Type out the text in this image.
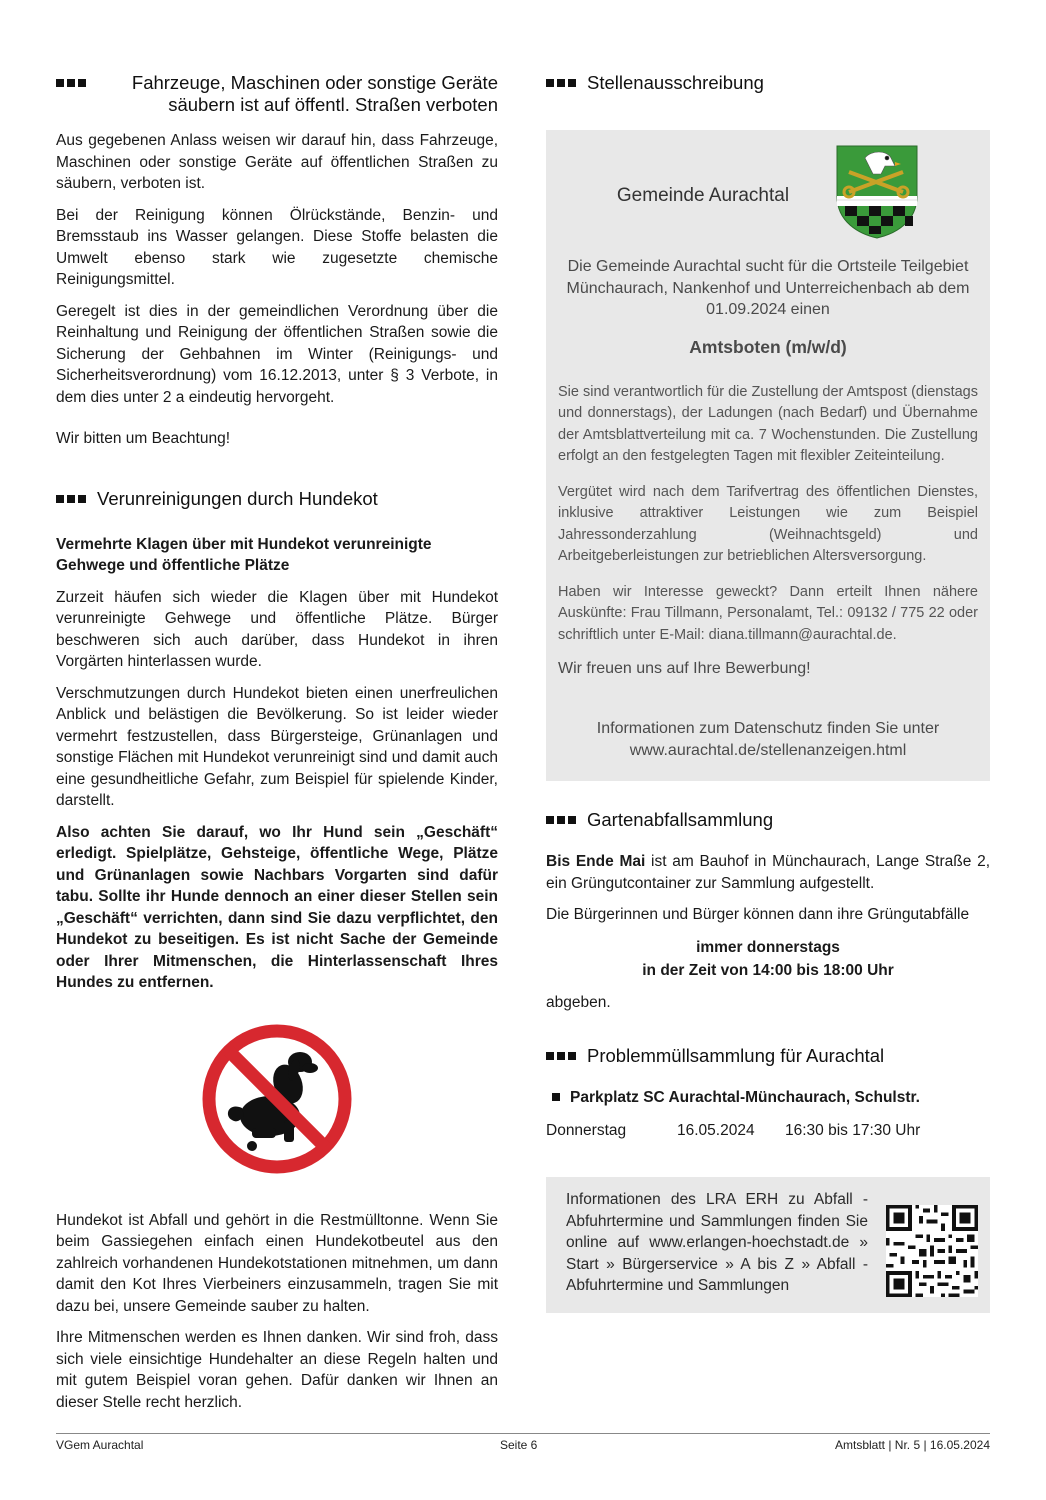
Fahrzeuge, Maschinen oder sonstige Geräte säubern ist auf öffentl. Straßen verboten

Aus gegebenen Anlass weisen wir darauf hin, dass Fahrzeuge, Maschinen oder sonstige Geräte auf öffentlichen Straßen zu säubern, verboten ist.

Bei der Reinigung können Ölrückstände, Benzin- und Bremsstaub ins Wasser gelangen. Diese Stoffe belasten die Umwelt ebenso stark wie zugesetzte chemische Reinigungsmittel.

Geregelt ist dies in der gemeindlichen Verordnung über die Reinhaltung und Reinigung der öffentlichen Straßen sowie die Sicherung der Gehbahnen im Winter (Reinigungs- und Sicherheitsverordnung) vom 16.12.2013, unter § 3 Verbote, in dem dies unter 2 a eindeutig hervorgeht.

Wir bitten um Beachtung!

Verunreinigungen durch Hundekot
Vermehrte Klagen über mit Hundekot verunreinigte Gehwege und öffentliche Plätze

Zurzeit häufen sich wieder die Klagen über mit Hundekot verunreinigte Gehwege und öffentliche Plätze. Bürger beschweren sich auch darüber, dass Hundekot in ihren Vorgärten hinterlassen wurde.

Verschmutzungen durch Hundekot bieten einen unerfreulichen Anblick und belästigen die Bevölkerung. So ist leider wieder vermehrt festzustellen, dass Bürgersteige, Grünanlagen und sonstige Flächen mit Hundekot verunreinigt sind und damit auch eine gesundheitliche Gefahr, zum Beispiel für spielende Kinder, darstellt.

Also achten Sie darauf, wo Ihr Hund sein „Geschäft“ erledigt. Spielplätze, Gehsteige, öffentliche Wege, Plätze und Grünanlagen sowie Nachbars Vorgarten sind dafür tabu. Sollte ihr Hunde dennoch an einer dieser Stellen sein „Geschäft“ verrichten, dann sind Sie dazu verpflichtet, den Hundekot zu beseitigen. Es ist nicht Sache der Gemeinde oder Ihrer Mitmenschen, die Hinterlassenschaft Ihres Hundes zu entfernen.

Hundekot ist Abfall und gehört in die Restmülltonne. Wenn Sie beim Gassiegehen einfach einen Hundekotbeutel aus den zahlreich vorhandenen Hundekotstationen mitnehmen, um dann damit den Kot Ihres Vierbeiners einzusammeln, tragen Sie mit dazu bei, unsere Gemeinde sauber zu halten.

Ihre Mitmenschen werden es Ihnen danken. Wir sind froh, dass sich viele einsichtige Hundehalter an diese Regeln halten und mit gutem Beispiel voran gehen. Dafür danken wir Ihnen an dieser Stelle recht herzlich.

Stellenausschreibung
Gemeinde Aurachtal
Die Gemeinde Aurachtal sucht für die Ortsteile Teilgebiet Münchaurach, Nankenhof und Unterreichenbach ab dem 01.09.2024 einen
Amtsboten (m/w/d)

Sie sind verantwortlich für die Zustellung der Amtspost (dienstags und donnerstags), der Ladungen (nach Bedarf) und Übernahme der Amtsblattverteilung mit ca. 7 Wochenstunden. Die Zustellung erfolgt an den festgelegten Tagen mit flexibler Zeiteinteilung.

Vergütet wird nach dem Tarifvertrag des öffentlichen Dienstes, inklusive attraktiver Leistungen wie zum Beispiel Jahressonderzahlung (Weihnachtsgeld) und Arbeitgeberleistungen zur betrieblichen Altersversorgung.

Haben wir Interesse geweckt? Dann erteilt Ihnen nähere Auskünfte: Frau Tillmann, Personalamt, Tel.: 09132 / 775 22 oder schriftlich unter E-Mail: diana.tillmann@aurachtal.de.

Wir freuen uns auf Ihre Bewerbung!
Informationen zum Datenschutz finden Sie unter www.aurachtal.de/stellenanzeigen.html
Gartenabfallsammlung

Bis Ende Mai ist am Bauhof in Münchaurach, Lange Straße 2, ein Grüngutcontainer zur Sammlung aufgestellt.

Die Bürgerinnen und Bürger können dann ihre Grüngutabfälle

immer donnerstags
in der Zeit von 14:00 bis 18:00 Uhr

abgeben.

Problemmüllsammlung für Aurachtal
Parkplatz SC Aurachtal-Münchaurach, Schulstr.
Donnerstag	16.05.2024	16:30 bis 17:30 Uhr

Informationen des LRA ERH zu Abfall - Abfuhrtermine und Sammlungen finden Sie online auf www.erlangen-hoechstadt.de » Start » Bürgerservice » A bis Z » Abfall - Abfuhrtermine und Sammlungen

VGem Aurachtal	Seite 6	Amtsblatt | Nr. 5 | 16.05.2024
